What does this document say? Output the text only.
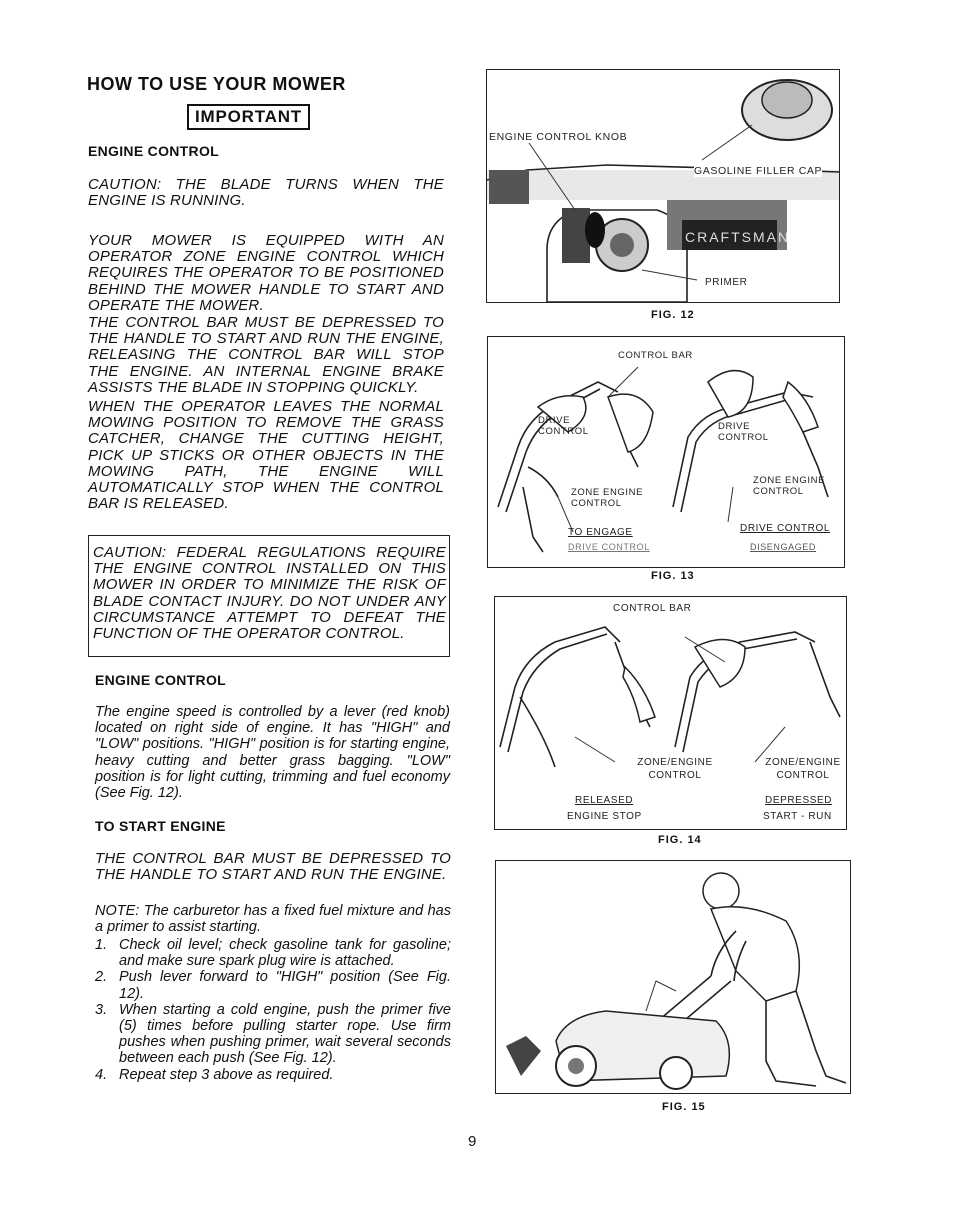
HOW TO USE YOUR MOWER
IMPORTANT
ENGINE CONTROL
CAUTION: THE BLADE TURNS WHEN THE ENGINE IS RUNNING.
YOUR MOWER IS EQUIPPED WITH AN OPERATOR ZONE ENGINE CONTROL WHICH REQUIRES THE OPERATOR TO BE POSITIONED BEHIND THE MOWER HANDLE TO START AND OPERATE THE MOWER.
THE CONTROL BAR MUST BE DEPRESSED TO THE HANDLE TO START AND RUN THE ENGINE, RELEASING THE CONTROL BAR WILL STOP THE ENGINE. AN INTERNAL ENGINE BRAKE ASSISTS THE BLADE IN STOPPING QUICKLY.
WHEN THE OPERATOR LEAVES THE NORMAL MOWING POSITION TO REMOVE THE GRASS CATCHER, CHANGE THE CUTTING HEIGHT, PICK UP STICKS OR OTHER OBJECTS IN THE MOWING PATH, THE ENGINE WILL AUTOMATICALLY STOP WHEN THE CONTROL BAR IS RELEASED.
CAUTION: FEDERAL REGULATIONS REQUIRE THE ENGINE CONTROL INSTALLED ON THIS MOWER IN ORDER TO MINIMIZE THE RISK OF BLADE CONTACT INJURY. DO NOT UNDER ANY CIRCUMSTANCE ATTEMPT TO DEFEAT THE FUNCTION OF THE OPERATOR CONTROL.
ENGINE CONTROL
The engine speed is controlled by a lever (red knob) located on right side of engine. It has "HIGH" and "LOW" positions. "HIGH" position is for starting engine, heavy cutting and better grass bagging. "LOW" position is for light cutting, trimming and fuel economy (See Fig. 12).
TO START ENGINE
THE CONTROL BAR MUST BE DEPRESSED TO THE HANDLE TO START AND RUN THE ENGINE.
NOTE: The carburetor has a fixed fuel mixture and has a primer to assist starting.
1. Check oil level; check gasoline tank for gasoline; and make sure spark plug wire is attached.
2. Push lever forward to "HIGH" position (See Fig. 12).
3. When starting a cold engine, push the primer five (5) times before pulling starter rope. Use firm pushes when pushing primer, wait several seconds between each push (See Fig. 12).
4. Repeat step 3 above as required.
CRAFTSMAN
ENGINE CONTROL KNOB
GASOLINE FILLER CAP
PRIMER
FIG. 12
CONTROL BAR
DRIVE CONTROL	DRIVE CONTROL
ZONE ENGINE CONTROL
ZONE ENGINE CONTROL
TO ENGAGE
DRIVE CONTROL
DRIVE CONTROL
DISENGAGED
FIG. 13
CONTROL BAR
ZONE/ENGINE CONTROL
ZONE/ENGINE CONTROL
RELEASED
ENGINE STOP
DEPRESSED
START - RUN
FIG. 14
FIG. 15
9
